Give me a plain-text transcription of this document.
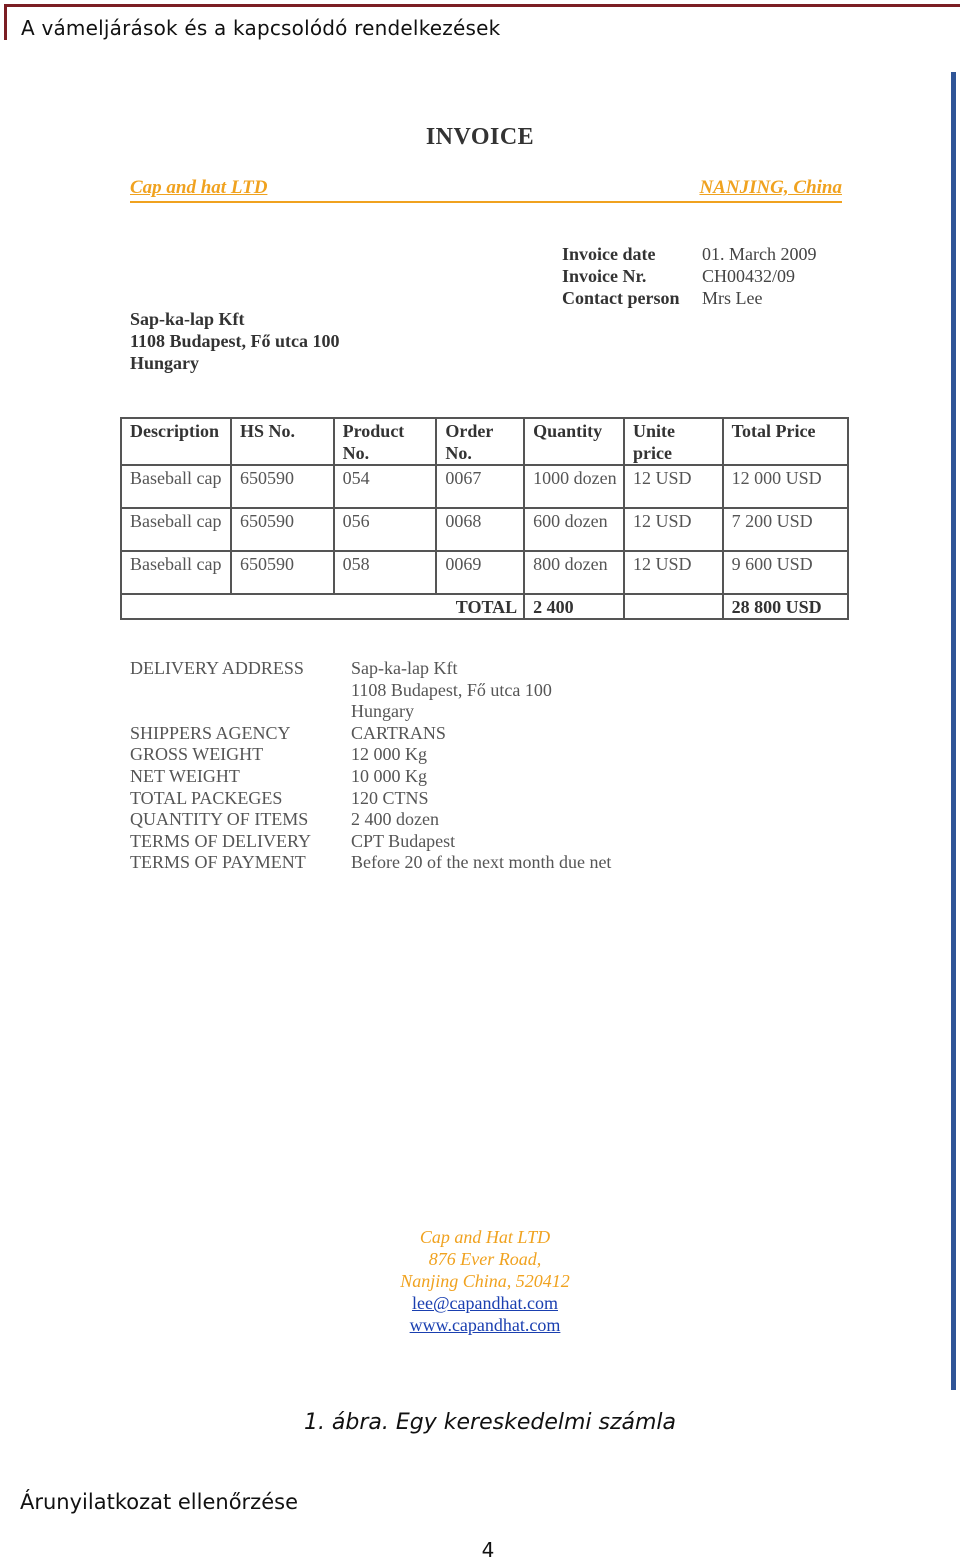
A vámeljárások és a kapcsolódó rendelkezések
INVOICE
Cap and hat LTD	NANJING, China
Invoice date	01. March 2009
Invoice Nr.	CH00432/09
Contact person	Mrs Lee
Sap-ka-lap Kft
1108 Budapest, Fő utca 100
Hungary
Description	HS No.	Product No.	Order No.	Quantity	Unite price	Total Price
Baseball cap	650590	054	0067	1000 dozen	12 USD	12 000 USD
Baseball cap	650590	056	0068	600 dozen	12 USD	7 200 USD
Baseball cap	650590	058	0069	800 dozen	12 USD	9 600 USD
TOTAL				2 400		28 800 USD
DELIVERY ADDRESS	Sap-ka-lap Kft
1108 Budapest, Fő utca 100
Hungary
SHIPPERS AGENCY	CARTRANS
GROSS WEIGHT	12 000 Kg
NET WEIGHT	10 000 Kg
TOTAL PACKEGES	120 CTNS
QUANTITY OF ITEMS	2 400 dozen
TERMS OF DELIVERY	CPT Budapest
TERMS OF PAYMENT	Before 20 of the next month due net
Cap and Hat LTD
876 Ever Road,
Nanjing China, 520412
lee@capandhat.com
www.capandhat.com
1. ábra. Egy kereskedelmi számla
Árunyilatkozat ellenőrzése
4
